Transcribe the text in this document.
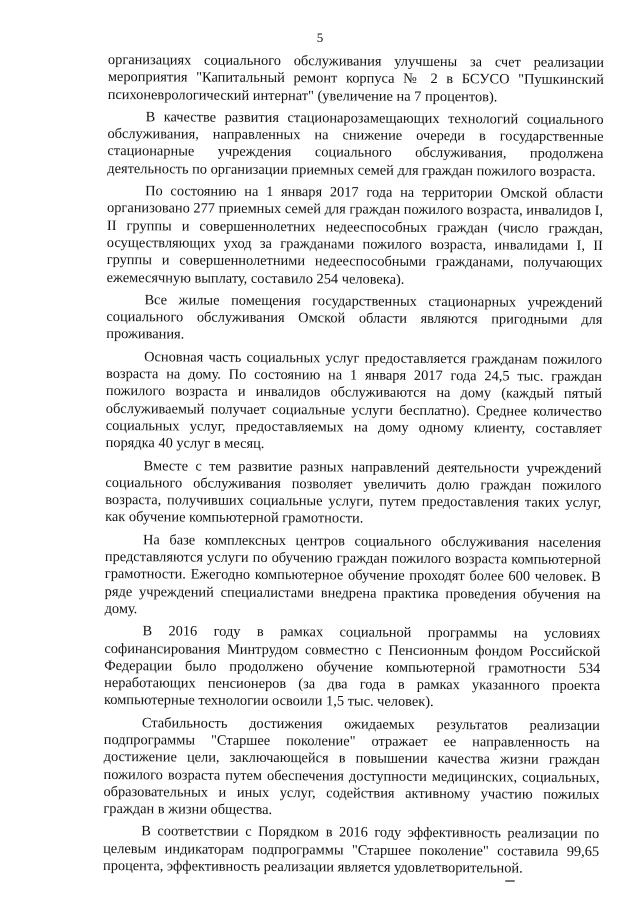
5

организациях социального обслуживания улучшены за счет реализации мероприятия "Капитальный ремонт корпуса № 2 в БСУСО "Пушкинский психоневрологический интернат" (увеличение на 7 процентов).

В качестве развития стационарозамещающих технологий социального обслуживания, направленных на снижение очереди в государственные стационарные учреждения социального обслуживания, продолжена деятельность по организации приемных семей для граждан пожилого возраста.

По состоянию на 1 января 2017 года на территории Омской области организовано 277 приемных семей для граждан пожилого возраста, инвалидов I, II группы и совершеннолетних недееспособных граждан (число граждан, осуществляющих уход за гражданами пожилого возраста, инвалидами I, II группы и совершеннолетними недееспособными гражданами, получающих ежемесячную выплату, составило 254 человека).

Все жилые помещения государственных стационарных учреждений социального обслуживания Омской области являются пригодными для проживания.

Основная часть социальных услуг предоставляется гражданам пожилого возраста на дому. По состоянию на 1 января 2017 года 24,5 тыс. граждан пожилого возраста и инвалидов обслуживаются на дому (каждый пятый обслуживаемый получает социальные услуги бесплатно). Среднее количество социальных услуг, предоставляемых на дому одному клиенту, составляет порядка 40 услуг в месяц.

Вместе с тем развитие разных направлений деятельности учреждений социального обслуживания позволяет увеличить долю граждан пожилого возраста, получивших социальные услуги, путем предоставления таких услуг, как обучение компьютерной грамотности.

На базе комплексных центров социального обслуживания населения представляются услуги по обучению граждан пожилого возраста компьютерной грамотности. Ежегодно компьютерное обучение проходят более 600 человек. В ряде учреждений специалистами внедрена практика проведения обучения на дому.

В 2016 году в рамках социальной программы на условиях софинансирования Минтрудом совместно с Пенсионным фондом Российской Федерации было продолжено обучение компьютерной грамотности 534 неработающих пенсионеров (за два года в рамках указанного проекта компьютерные технологии освоили 1,5 тыс. человек).

Стабильность достижения ожидаемых результатов реализации подпрограммы "Старшее поколение" отражает ее направленность на достижение цели, заключающейся в повышении качества жизни граждан пожилого возраста путем обеспечения доступности медицинских, социальных, образовательных и иных услуг, содействия активному участию пожилых граждан в жизни общества.

В соответствии с Порядком в 2016 году эффективность реализации по целевым индикаторам подпрограммы "Старшее поколение" составила 99,65 процента, эффективность реализации является удовлетворительной.
